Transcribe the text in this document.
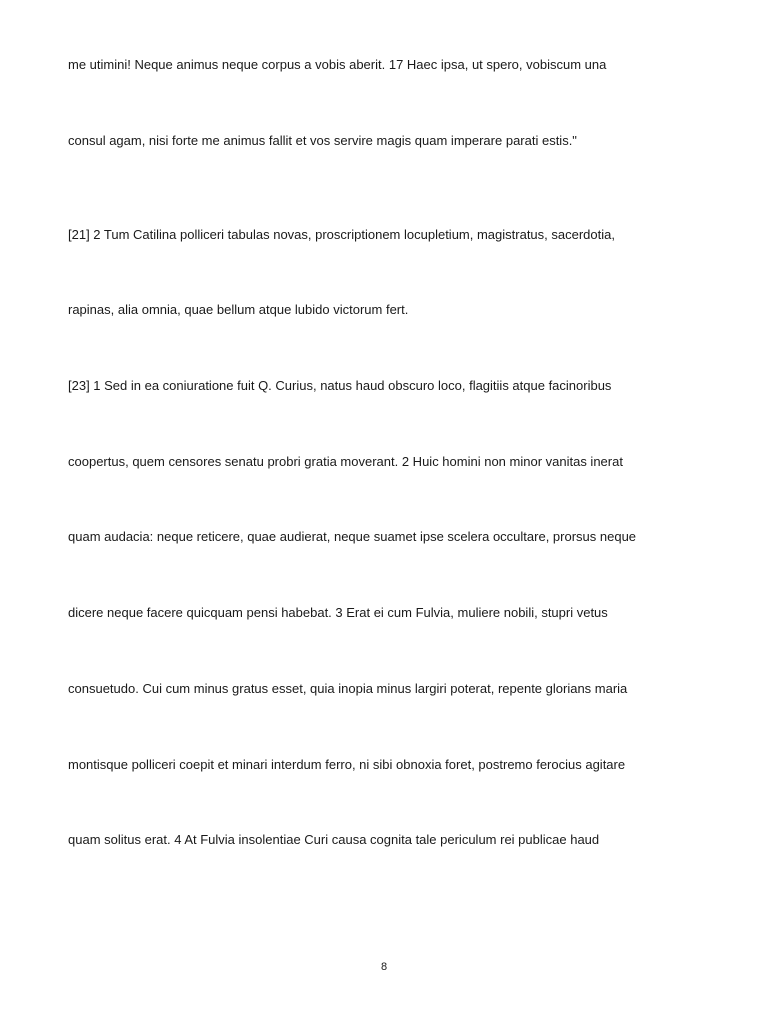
me utimini! Neque animus neque corpus a vobis aberit. 17 Haec ipsa, ut spero, vobiscum una
consul agam, nisi forte me animus fallit et vos servire magis quam imperare parati estis."
[21] 2 Tum Catilina polliceri tabulas novas, proscriptionem locupletium, magistratus, sacerdotia,
rapinas, alia omnia, quae bellum atque lubido victorum fert.
[23] 1 Sed in ea coniuratione fuit Q. Curius, natus haud obscuro loco, flagitiis atque facinoribus
coopertus, quem censores senatu probri gratia moverant. 2 Huic homini non minor vanitas inerat
quam audacia: neque reticere, quae audierat, neque suamet ipse scelera occultare, prorsus neque
dicere neque facere quicquam pensi habebat. 3 Erat ei cum Fulvia, muliere nobili, stupri vetus
consuetudo. Cui cum minus gratus esset, quia inopia minus largiri poterat, repente glorians maria
montisque polliceri coepit et minari interdum ferro, ni sibi obnoxia foret, postremo ferocius agitare
quam solitus erat. 4 At Fulvia insolentiae Curi causa cognita tale periculum rei publicae haud
8
